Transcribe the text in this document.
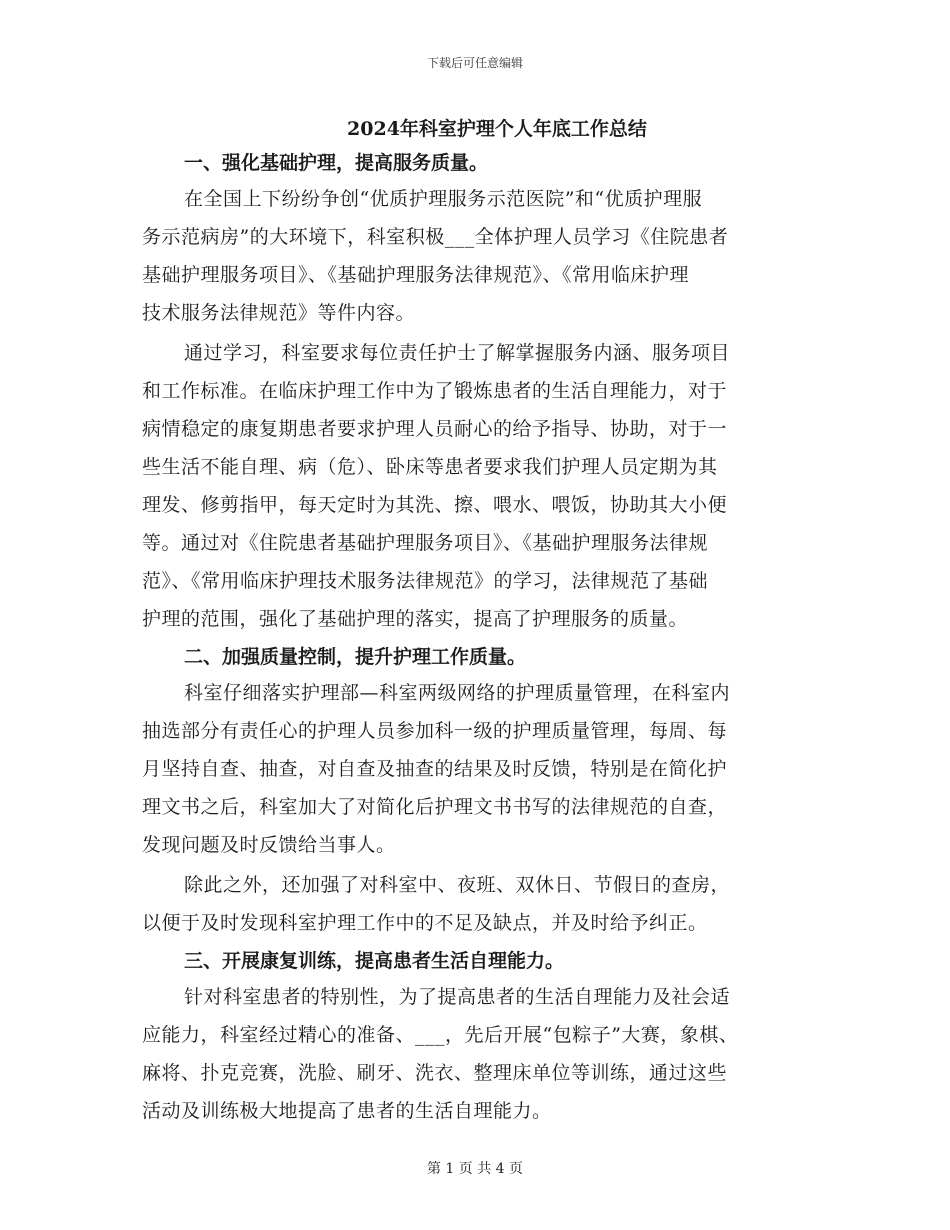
下载后可任意编辑
2024年科室护理个人年底工作总结
一、强化基础护理，提高服务质量。
在全国上下纷纷争创“优质护理服务示范医院”和“优质护理服
务示范病房”的大环境下，科室积极___全体护理人员学习《住院患者
基础护理服务项目》、《基础护理服务法律规范》、《常用临床护理
技术服务法律规范》等件内容。
通过学习，科室要求每位责任护士了解掌握服务内涵、服务项目
和工作标准。在临床护理工作中为了锻炼患者的生活自理能力，对于
病情稳定的康复期患者要求护理人员耐心的给予指导、协助，对于一
些生活不能自理、病（危）、卧床等患者要求我们护理人员定期为其
理发、修剪指甲，每天定时为其洗、擦、喂水、喂饭，协助其大小便
等。通过对《住院患者基础护理服务项目》、《基础护理服务法律规
范》、《常用临床护理技术服务法律规范》的学习，法律规范了基础
护理的范围，强化了基础护理的落实，提高了护理服务的质量。
二、加强质量控制，提升护理工作质量。
科室仔细落实护理部—科室两级网络的护理质量管理，在科室内
抽选部分有责任心的护理人员参加科一级的护理质量管理，每周、每
月坚持自查、抽查，对自查及抽查的结果及时反馈，特别是在简化护
理文书之后，科室加大了对简化后护理文书书写的法律规范的自查，
发现问题及时反馈给当事人。
除此之外，还加强了对科室中、夜班、双休日、节假日的查房，
以便于及时发现科室护理工作中的不足及缺点，并及时给予纠正。
三、开展康复训练，提高患者生活自理能力。
针对科室患者的特别性，为了提高患者的生活自理能力及社会适
应能力，科室经过精心的准备、___，先后开展“包粽子”大赛，象棋、
麻将、扑克竞赛，洗脸、刷牙、洗衣、整理床单位等训练，通过这些
活动及训练极大地提高了患者的生活自理能力。
第 1 页 共 4 页
